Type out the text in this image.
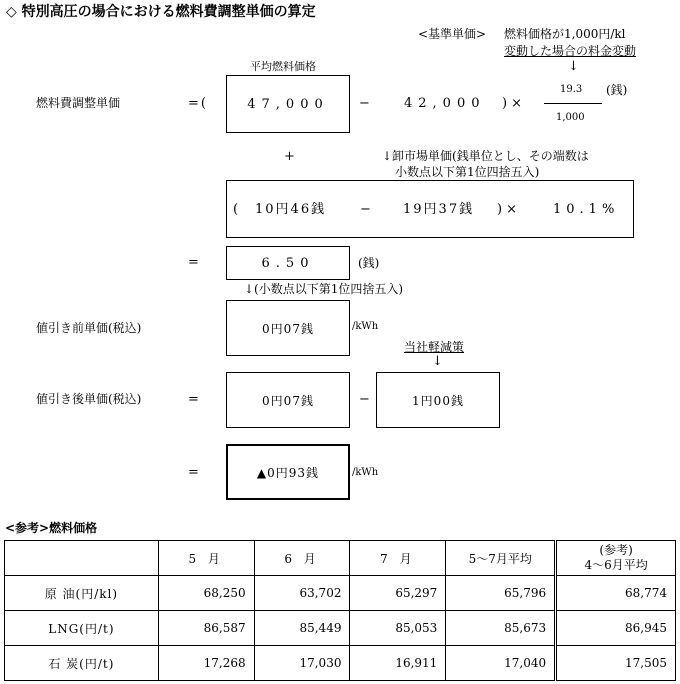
◇ 特別高圧の場合における燃料費調整単価の算定
<基準単価> 燃料価格が1,000円/kl
変動した場合の料金変動
↓
平均燃料価格
燃料費調整単価	=(	47,000 −	42,000 )×
19.3 (銭)
1,000
+	↓卸市場単価(銭単位とし、その端数は
小数点以下第1位四捨五入)
( 10円46銭	− 19円37銭 )× 10.1%
=	6.50	(銭)
↓(小数点以下第1位四捨五入)
値引き前単価(税込)	0円07銭	/kWh
当社軽減策
↓
値引き後単価(税込)	=	0円07銭	−	1円00銭
=	▲0円93銭	/kWh
<参考>燃料価格
	5 月	6 月	7 月	5〜7月平均	(参考)
4〜6月平均

原 油(円/kl)	68,250	63,702	65,297	65,796	68,774
LNG(円/t)	86,587	85,449	85,053	85,673	86,945
石 炭(円/t)	17,268	17,030	16,911	17,040	17,505
